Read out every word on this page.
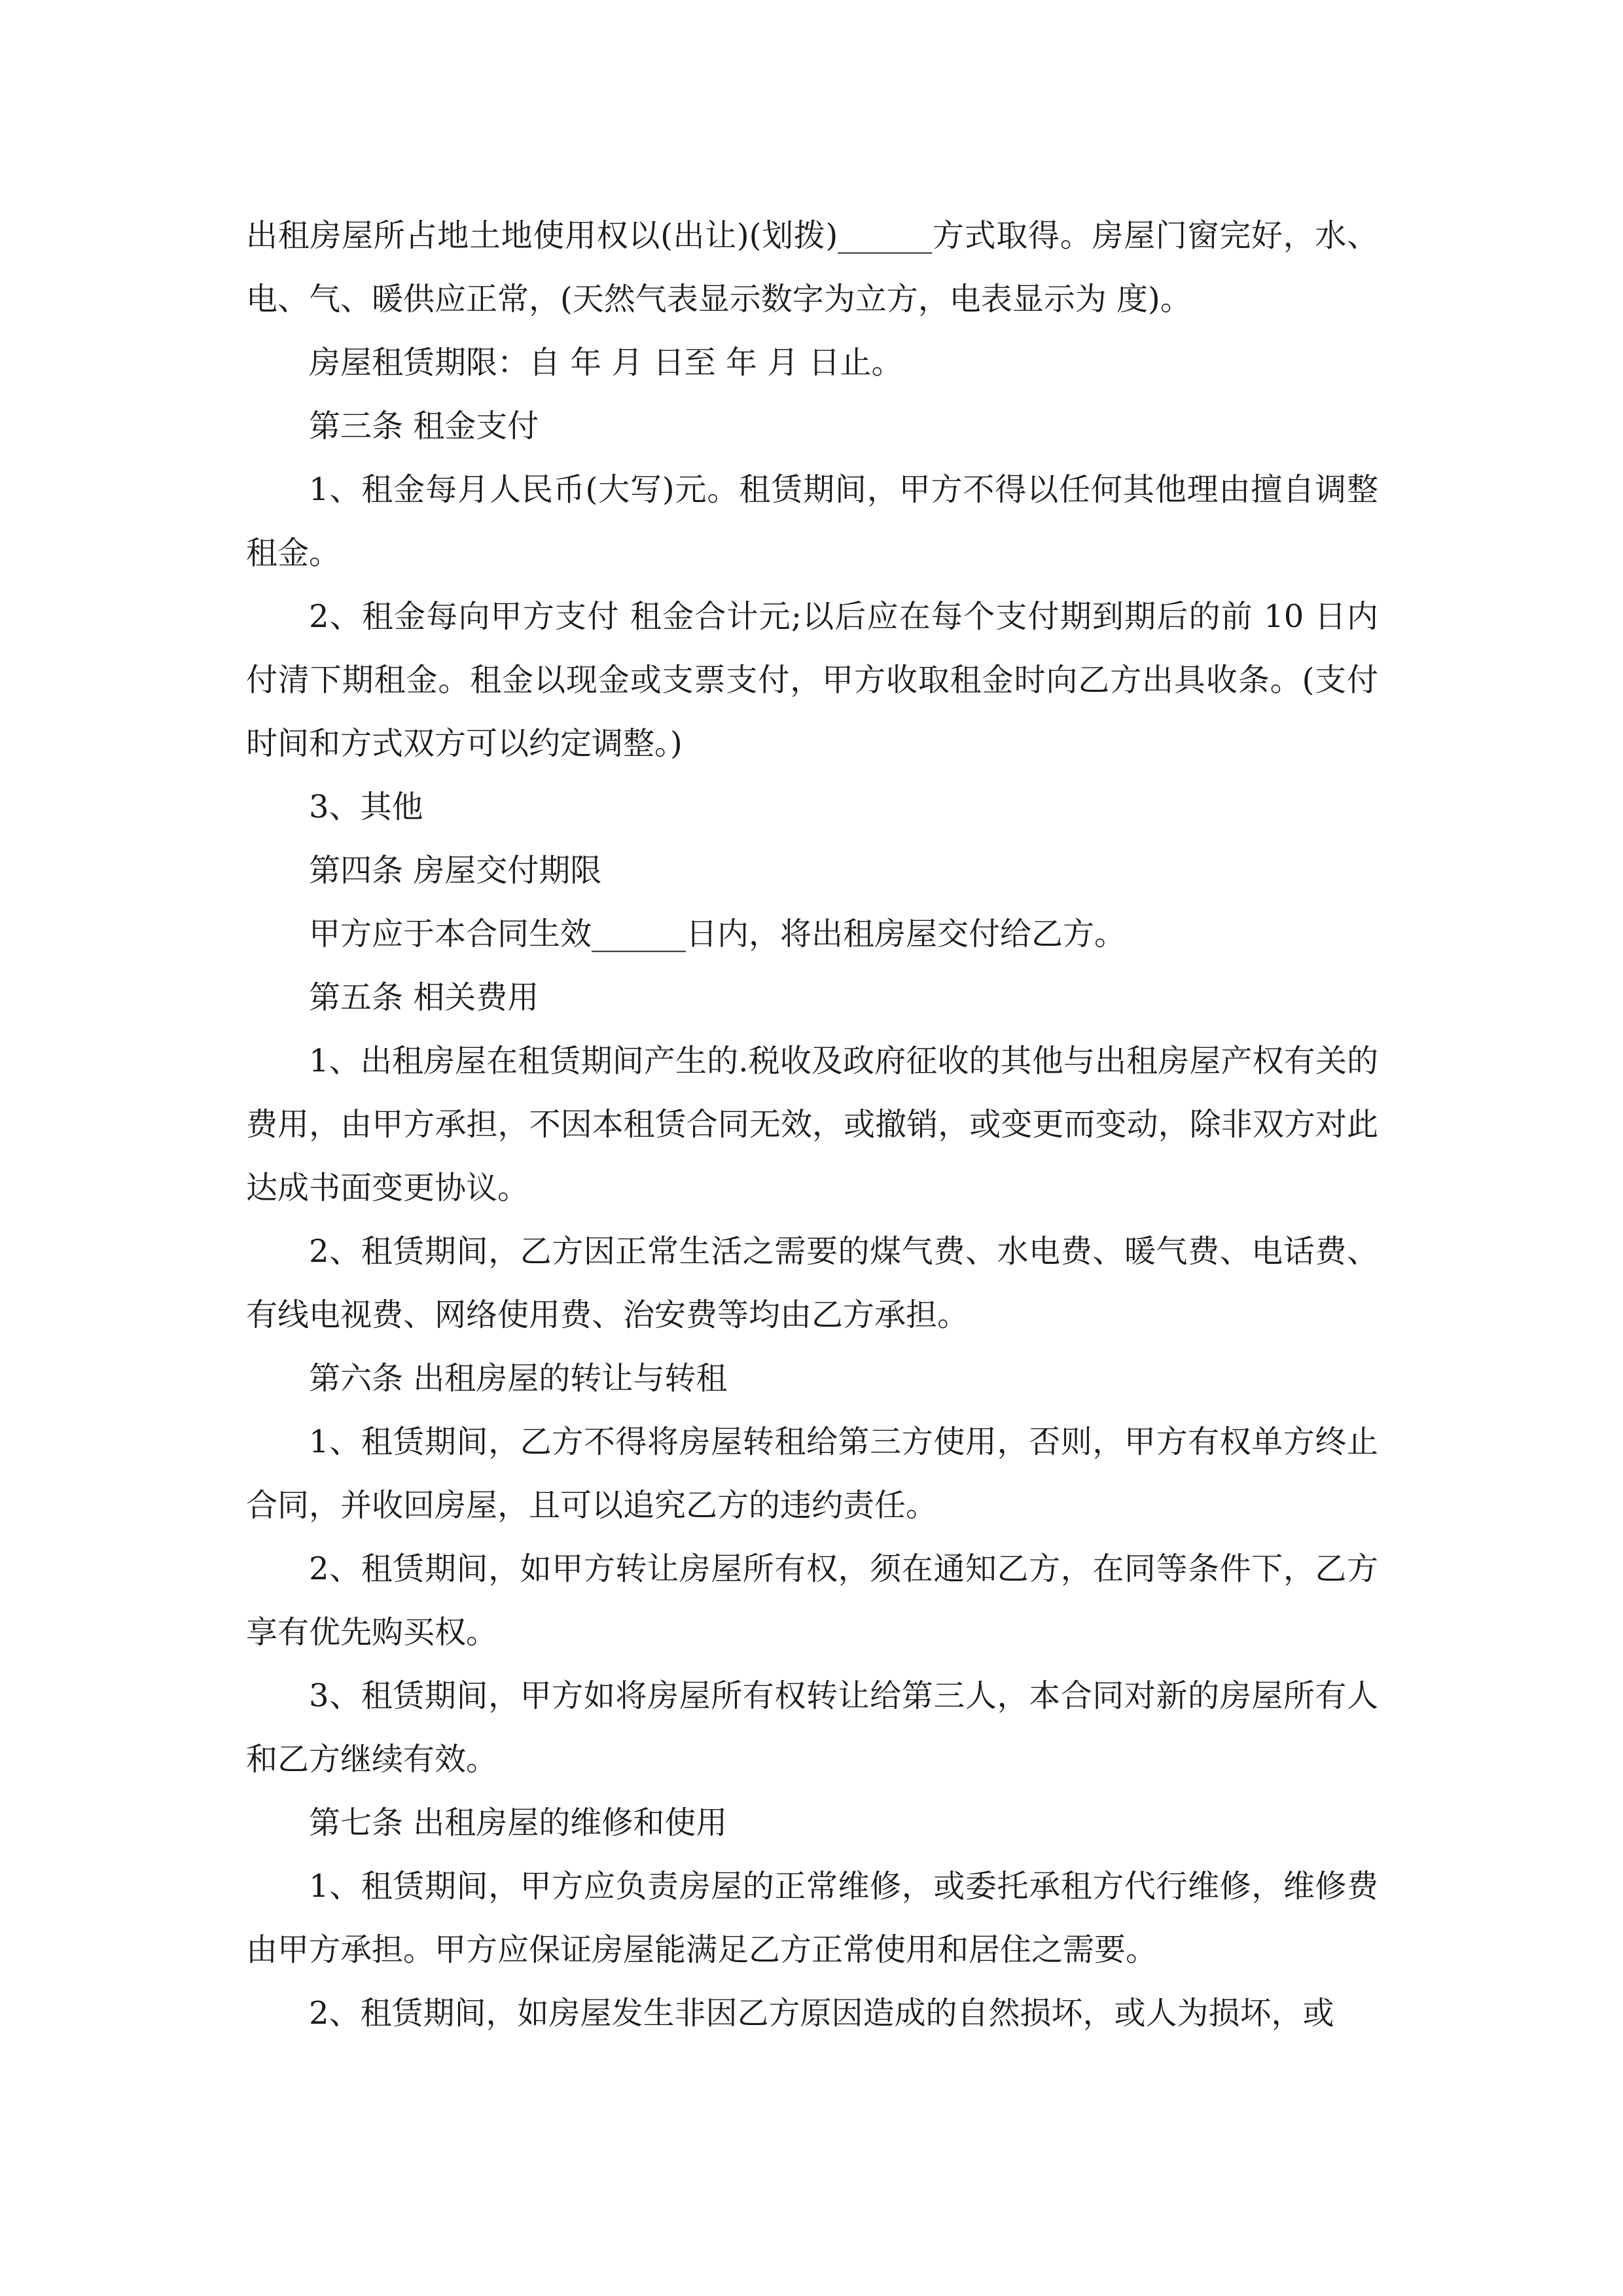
出租房屋所占地土地使用权以(出让)(划拨)______方式取得。房屋门窗完好，水、电、气、暖供应正常，(天然气表显示数字为立方，电表显示为 度)。

房屋租赁期限：自 年 月 日至 年 月 日止。

第三条 租金支付

1、租金每月人民币(大写)元。租赁期间，甲方不得以任何其他理由擅自调整租金。

2、租金每向甲方支付 租金合计元;以后应在每个支付期到期后的前 10 日内付清下期租金。租金以现金或支票支付，甲方收取租金时向乙方出具收条。(支付时间和方式双方可以约定调整。)

3、其他

第四条 房屋交付期限

甲方应于本合同生效______日内，将出租房屋交付给乙方。

第五条 相关费用

1、出租房屋在租赁期间产生的.税收及政府征收的其他与出租房屋产权有关的费用，由甲方承担，不因本租赁合同无效，或撤销，或变更而变动，除非双方对此达成书面变更协议。

2、租赁期间，乙方因正常生活之需要的煤气费、水电费、暖气费、电话费、有线电视费、网络使用费、治安费等均由乙方承担。

第六条 出租房屋的转让与转租

1、租赁期间，乙方不得将房屋转租给第三方使用，否则，甲方有权单方终止合同，并收回房屋，且可以追究乙方的违约责任。

2、租赁期间，如甲方转让房屋所有权，须在通知乙方，在同等条件下，乙方享有优先购买权。

3、租赁期间，甲方如将房屋所有权转让给第三人，本合同对新的房屋所有人和乙方继续有效。

第七条 出租房屋的维修和使用

1、租赁期间，甲方应负责房屋的正常维修，或委托承租方代行维修，维修费由甲方承担。甲方应保证房屋能满足乙方正常使用和居住之需要。

2、租赁期间，如房屋发生非因乙方原因造成的自然损坏，或人为损坏，或
